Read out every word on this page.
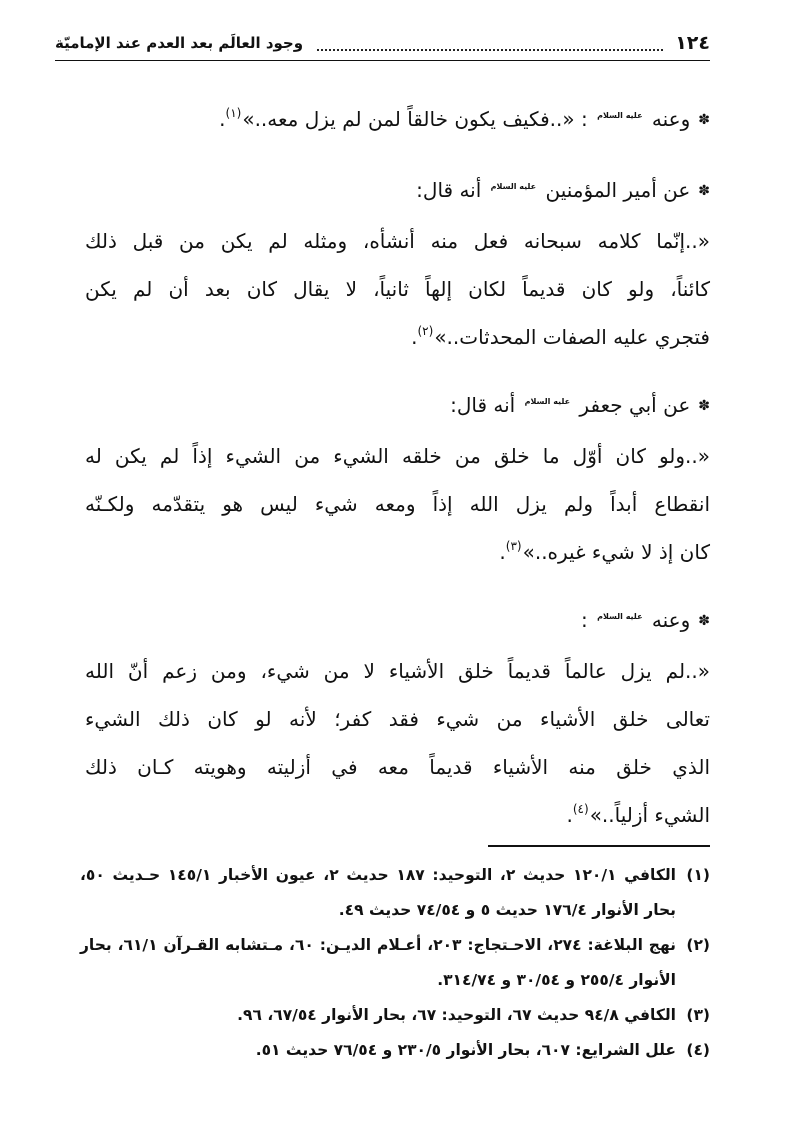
١٢٤
وجود العالَم بعد العدم عند الإماميّة
✽وعنه عليه السلام : «..فكيف يكون خالقاً لمن لم يزل معه..»$^{(١)}$.
✽عن أمير المؤمنين عليه السلام أنه قال:
«..إنّما كلامه سبحانه فعل منه أنشأه، ومثله لم يكن من قبل ذلك
كائناً، ولو كان قديماً لكان إلهاً ثانياً، لا يقال كان بعد أن لم يكن
فتجري عليه الصفات المحدثات..»$^{(٢)}$.
✽عن أبي جعفر عليه السلام أنه قال:
«..ولو كان أوّل ما خلق من خلقه الشيء من الشيء إذاً لم يكن له
انقطاع أبداً ولم يزل الله إذاً ومعه شيء ليس هو يتقدّمه ولكـنّه
كان إذ لا شيء غيره..»$^{(٣)}$.
✽وعنه عليه السلام :
«..لم يزل عالماً قديماً خلق الأشياء لا من شيء، ومن زعم أنّ الله
تعالى خلق الأشياء من شيء فقد كفر؛ لأنه لو كان ذلك الشيء
الذي خلق منه الأشياء قديماً معه في أزليته وهويته كـان ذلك
الشيء أزلياً..»$^{(٤)}$.
(١)
الكافي ١٢٠/١ حديث ٢، التوحيد: ١٨٧ حديث ٢، عيون الأخبار ١٤٥/١ حـديث ٥٠، بحار الأنوار ١٧٦/٤ حديث ٥ و ٧٤/٥٤ حديث ٤٩.
(٢)
نهج البلاغة: ٢٧٤، الاحـتجاج: ٢٠٣، أعـلام الديـن: ٦٠، مـتشابه القـرآن ٦١/١، بحار الأنوار ٢٥٥/٤ و ٣٠/٥٤ و ٣١٤/٧٤.
(٣)
الكافي ٩٤/٨ حديث ٦٧، التوحيد: ٦٧، بحار الأنوار ٦٧/٥٤، ٩٦.
(٤)
علل الشرايع: ٦٠٧، بحار الأنوار ٢٣٠/٥ و ٧٦/٥٤ حديث ٥١.
